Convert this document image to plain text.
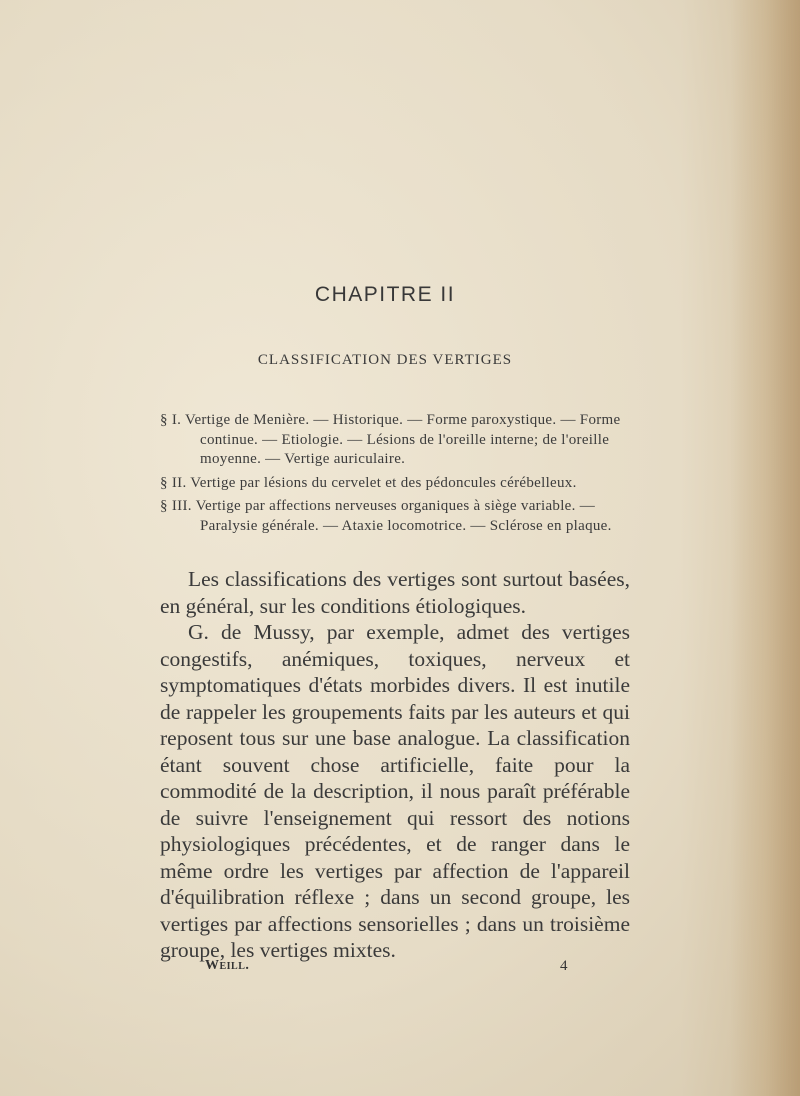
CHAPITRE II
CLASSIFICATION DES VERTIGES
§ I. Vertige de Menière. — Historique. — Forme paroxystique. — Forme continue. — Etiologie. — Lésions de l'oreille interne; de l'oreille moyenne. — Vertige auriculaire.
§ II. Vertige par lésions du cervelet et des pédoncules cérébelleux.
§ III. Vertige par affections nerveuses organiques à siège variable. — Paralysie générale. — Ataxie locomotrice. — Sclérose en plaque.

Les classifications des vertiges sont surtout basées, en général, sur les conditions étiologiques.

G. de Mussy, par exemple, admet des vertiges congestifs, anémiques, toxiques, nerveux et symptomatiques d'états morbides divers. Il est inutile de rappeler les groupements faits par les auteurs et qui reposent tous sur une base analogue. La classification étant souvent chose artificielle, faite pour la commodité de la description, il nous paraît préférable de suivre l'enseignement qui ressort des notions physiologiques précédentes, et de ranger dans le même ordre les vertiges par affection de l'appareil d'équilibration réflexe ; dans un second groupe, les vertiges par affections sensorielles ; dans un troisième groupe, les vertiges mixtes.

Weill.	4
